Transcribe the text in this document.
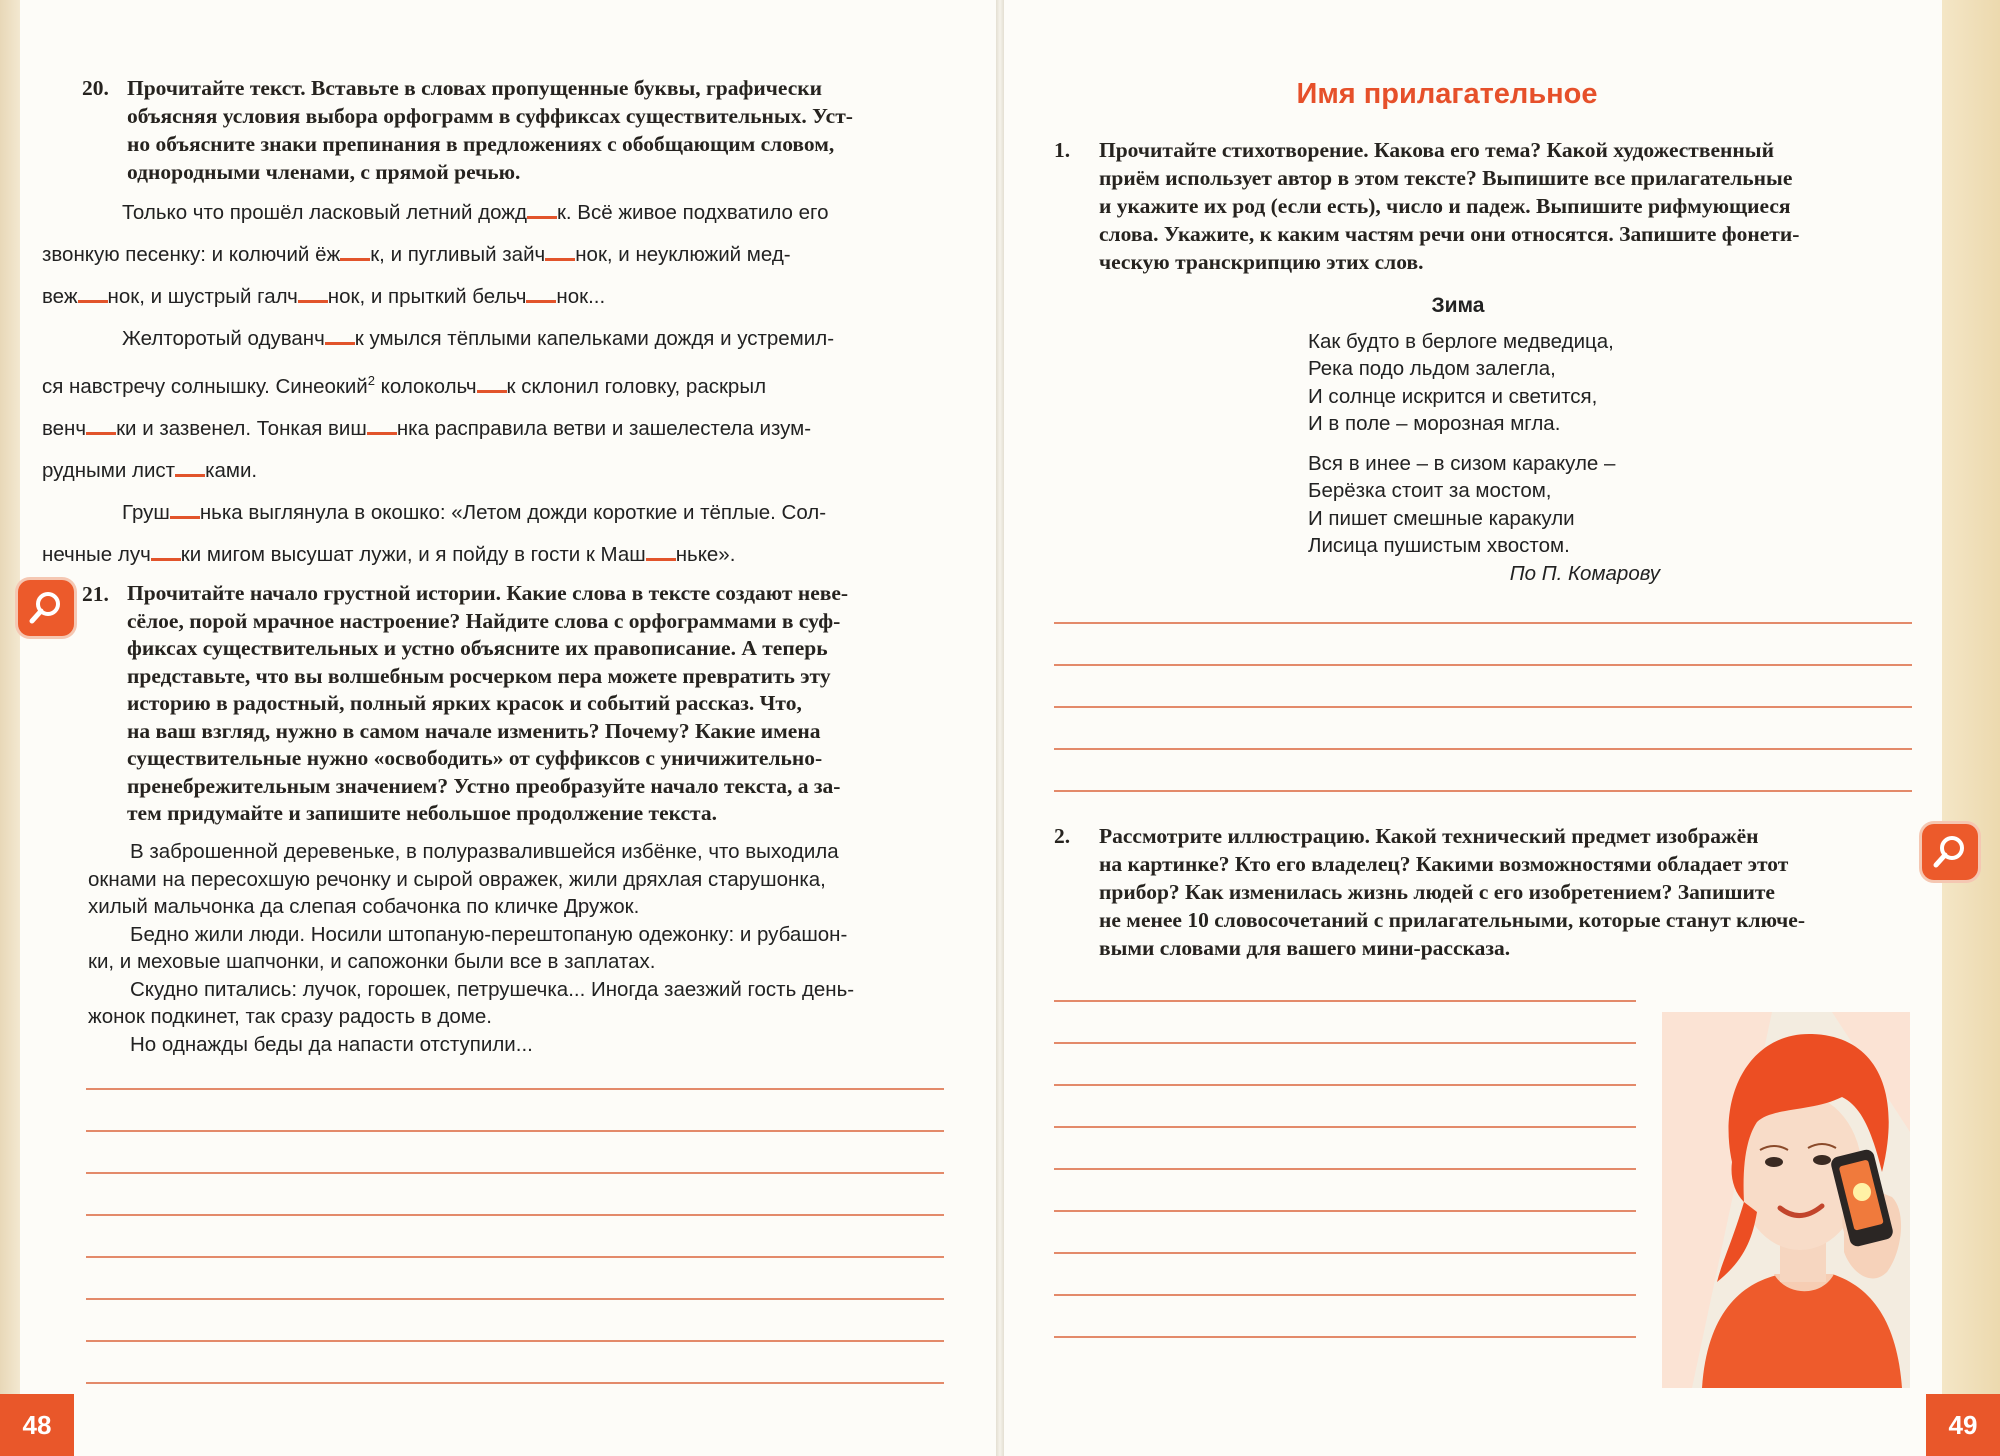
20. Прочитайте текст. Вставьте в словах пропущенные буквы, графически
объясняя условия выбора орфограмм в суффиксах существительных. Уст-
но объясните знаки препинания в предложениях с обобщающим словом,
однородными членами, с прямой речью.

Только что прошёл ласковый летний дожд к. Всё живое подхватило его
звонкую песенку: и колючий ёж к, и пугливый зайч нок, и неуклюжий мед-
веж нок, и шустрый галч нок, и прыткий бельч нок...

Желторотый одуванч к умылся тёплыми капельками дождя и устремил-
ся навстречу солнышку. Синеокий$^2$ колокольч к склонил головку, раскрыл
венч ки и зазвенел. Тонкая виш нка расправила ветви и зашелестела изум-
рудными лист ками.

Груш нька выглянула в окошко: «Летом дожди короткие и тёплые. Сол-
нечные луч ки мигом высушат лужи, и я пойду в гости к Маш ньке».

21. Прочитайте начало грустной истории. Какие слова в тексте создают неве-
сёлое, порой мрачное настроение? Найдите слова с орфограммами в суф-
фиксах существительных и устно объясните их правописание. А теперь
представьте, что вы волшебным росчерком пера можете превратить эту
историю в радостный, полный ярких красок и событий рассказ. Что,
на ваш взгляд, нужно в самом начале изменить? Почему? Какие имена
существительные нужно «освободить» от суффиксов с уничижительно-
пренебрежительным значением? Устно преобразуйте начало текста, а за-
тем придумайте и запишите небольшое продолжение текста.

В заброшенной деревеньке, в полуразвалившейся избёнке, что выходила

окнами на пересохшую речонку и сырой овражек, жили дряхлая старушонка,

хилый мальчонка да слепая собачонка по кличке Дружок.

Бедно жили люди. Носили штопаную-перештопаную одежонку: и рубашон-

ки, и меховые шапчонки, и сапожонки были все в заплатах.

Скудно питались: лучок, горошек, петрушечка... Иногда заезжий гость день-

жонок подкинет, так сразу радость в доме.

Но однажды беды да напасти отступили...

48
Имя прилагательное
1. Прочитайте стихотворение. Какова его тема? Какой художественный
приём использует автор в этом тексте? Выпишите все прилагательные
и укажите их род (если есть), число и падеж. Выпишите рифмующиеся
слова. Укажите, к каким частям речи они относятся. Запишите фонети-
ческую транскрипцию этих слов.
Зима
Как будто в берлоге медведица,
Река подо льдом залегла,
И солнце искрится и светится,
И в поле – морозная мгла.
Вся в инее – в сизом каракуле –
Берёзка стоит за мостом,
И пишет смешные каракули
Лисица пушистым хвостом.
По П. Комарову
2. Рассмотрите иллюстрацию. Какой технический предмет изображён
на картинке? Кто его владелец? Какими возможностями обладает этот
прибор? Как изменилась жизнь людей с его изобретением? Запишите
не менее 10 словосочетаний с прилагательными, которые станут ключе-
выми словами для вашего мини-рассказа.
49
